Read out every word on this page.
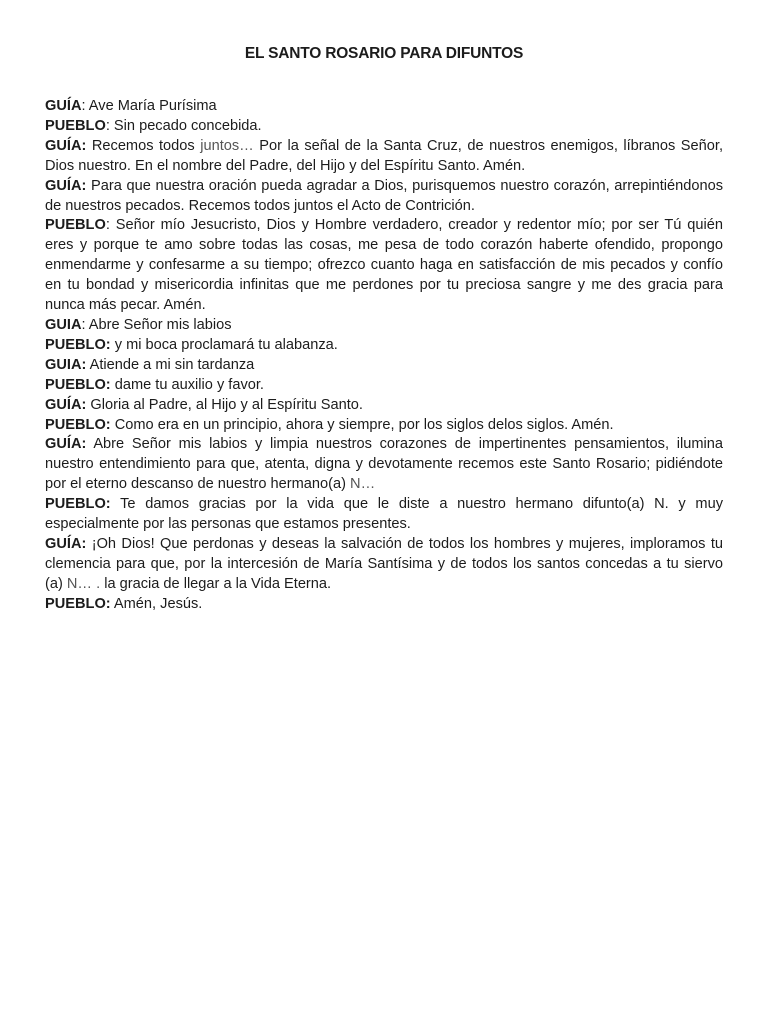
EL SANTO ROSARIO PARA DIFUNTOS

GUÍA: Ave María Purísima

PUEBLO: Sin pecado concebida.

GUÍA: Recemos todos juntos… Por la señal de la Santa Cruz, de nuestros enemigos, líbranos Señor, Dios nuestro. En el nombre del Padre, del Hijo y del Espíritu Santo. Amén.

GUÍA: Para que nuestra oración pueda agradar a Dios, purisquemos nuestro corazón, arrepintiéndonos de nuestros pecados. Recemos todos juntos el Acto de Contrición.

PUEBLO: Señor mío Jesucristo, Dios y Hombre verdadero, creador y redentor mío; por ser Tú quién eres y porque te amo sobre todas las cosas, me pesa de todo corazón haberte ofendido, propongo enmendarme y confesarme a su tiempo; ofrezco cuanto haga en satisfacción de mis pecados y confío en tu bondad y misericordia infinitas que me perdones por tu preciosa sangre y me des gracia para nunca más pecar. Amén.

GUIA: Abre Señor mis labios

PUEBLO: y mi boca proclamará tu alabanza.

GUIA: Atiende a mi sin tardanza

PUEBLO: dame tu auxilio y favor.

GUÍA: Gloria al Padre, al Hijo y al Espíritu Santo.

PUEBLO: Como era en un principio, ahora y siempre, por los siglos delos siglos. Amén.

GUÍA: Abre Señor mis labios y limpia nuestros corazones de impertinentes pensamientos, ilumina nuestro entendimiento para que, atenta, digna y devotamente recemos este Santo Rosario; pidiéndote por el eterno descanso de nuestro hermano(a) N…

PUEBLO: Te damos gracias por la vida que le diste a nuestro hermano difunto(a) N. y muy especialmente por las personas que estamos presentes.

GUÍA: ¡Oh Dios! Que perdonas y deseas la salvación de todos los hombres y mujeres, imploramos tu clemencia para que, por la intercesión de María Santísima y de todos los santos concedas a tu siervo (a) N… . la gracia de llegar a la Vida Eterna.

PUEBLO: Amén, Jesús.
